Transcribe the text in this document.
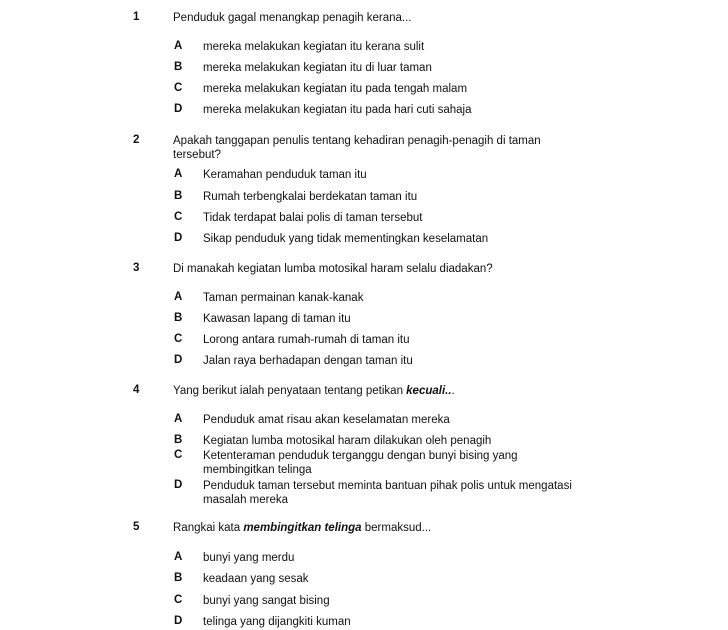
1	Penduduk gagal menangkap penagih kerana...
A mereka melakukan kegiatan itu kerana sulit
B mereka melakukan kegiatan itu di luar taman
C mereka melakukan kegiatan itu pada tengah malam
D mereka melakukan kegiatan itu pada hari cuti sahaja
2	Apakah tanggapan penulis tentang kehadiran penagih-penagih di taman tersebut?
A Keramahan penduduk taman itu
B Rumah terbengkalai berdekatan taman itu
C Tidak terdapat balai polis di taman tersebut
D Sikap penduduk yang tidak mementingkan keselamatan
3	Di manakah kegiatan lumba motosikal haram selalu diadakan?
A Taman permainan kanak-kanak
B Kawasan lapang di taman itu
C Lorong antara rumah-rumah di taman itu
D Jalan raya berhadapan dengan taman itu
4	Yang berikut ialah penyataan tentang petikan kecuali...
A Penduduk amat risau akan keselamatan mereka
B Kegiatan lumba motosikal haram dilakukan oleh penagih
C Ketenteraman penduduk terganggu dengan bunyi bising yang membingitkan telinga
D Penduduk taman tersebut meminta bantuan pihak polis untuk mengatasi masalah mereka
5	Rangkai kata membingitkan telinga bermaksud...
A bunyi yang merdu
B keadaan yang sesak
C bunyi yang sangat bising
D telinga yang dijangkiti kuman
